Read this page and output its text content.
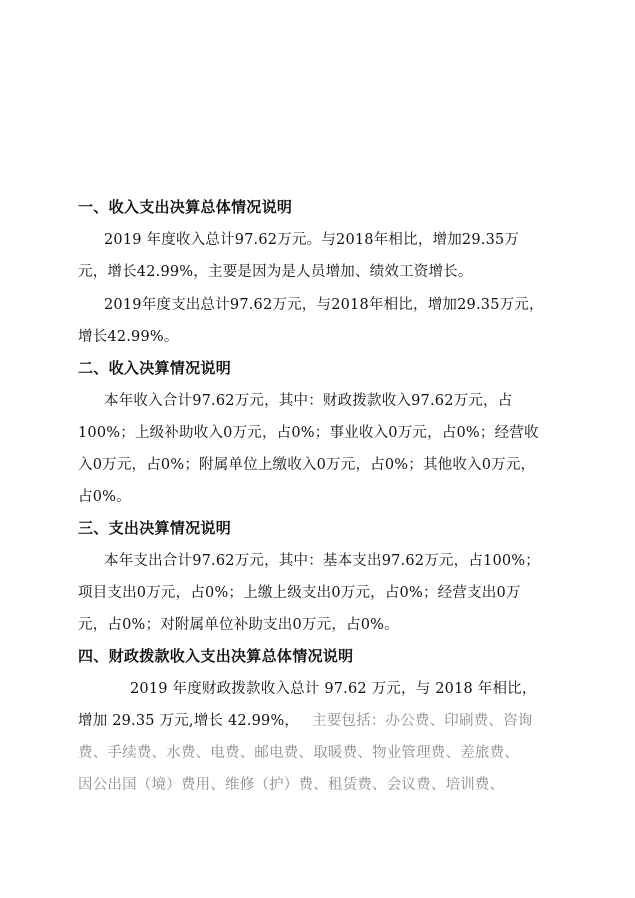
一、收入支出决算总体情况说明
2019 年度收入总计97.62万元。与2018年相比，增加29.35万
元，增长42.99%，主要是因为是人员增加、绩效工资增长。
2019年度支出总计97.62万元，与2018年相比，增加29.35万元，
增长42.99%。
二、收入决算情况说明
本年收入合计97.62万元，其中：财政拨款收入97.62万元，占
100%；上级补助收入0万元，占0%；事业收入0万元，占0%；经营收
入0万元，占0%；附属单位上缴收入0万元，占0%；其他收入0万元，
占0%。
三、支出决算情况说明
本年支出合计97.62万元，其中：基本支出97.62万元，占100%；
项目支出0万元，占0%；上缴上级支出0万元，占0%；经营支出0万
元，占0%；对附属单位补助支出0万元，占0%。
四、财政拨款收入支出决算总体情况说明
2019 年度财政拨款收入总计 97.62 万元，与 2018 年相比，
增加 29.35 万元,增长 42.99%， 主要包括：办公费、印刷费、咨询
费、手续费、水费、电费、邮电费、取暖费、物业管理费、差旅费、
因公出国（境）费用、维修（护）费、租赁费、会议费、培训费、
